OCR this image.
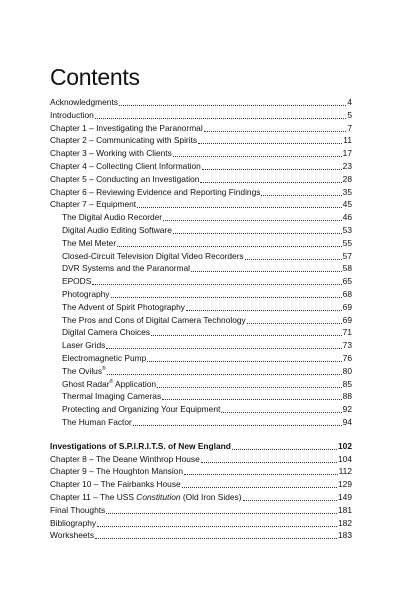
Contents
Acknowledgments	4
Introduction	5
Chapter 1 – Investigating the Paranormal	7
Chapter 2 – Communicating with Spirits	11
Chapter 3 – Working with Clients	17
Chapter 4 – Collecting Client Information	23
Chapter 5 – Conducting an Investigation	28
Chapter 6 – Reviewing Evidence and Reporting Findings	35
Chapter 7 – Equipment	45
The Digital Audio Recorder	46
Digital Audio Editing Software	53
The Mel Meter	55
Closed-Circuit Television Digital Video Recorders	57
DVR Systems and the Paranormal	58
EPODS	65
Photography	68
The Advent of Spirit Photography	69
The Pros and Cons of Digital Camera Technology	69
Digital Camera Choices	71
Laser Grids	73
Electromagnetic Pump	76
The Ovilus®	80
Ghost Radar® Application	85
Thermal Imaging Cameras	88
Protecting and Organizing Your Equipment	92
The Human Factor	94
Investigations of S.P.I.R.I.T.S. of New England	102
Chapter 8 – The Deane Winthrop House	104
Chapter 9 – The Houghton Mansion	112
Chapter 10 – The Fairbanks House	129
Chapter 11 – The USS Constitution (Old Iron Sides)	149
Final Thoughts	181
Bibliography	182
Worksheets	183
